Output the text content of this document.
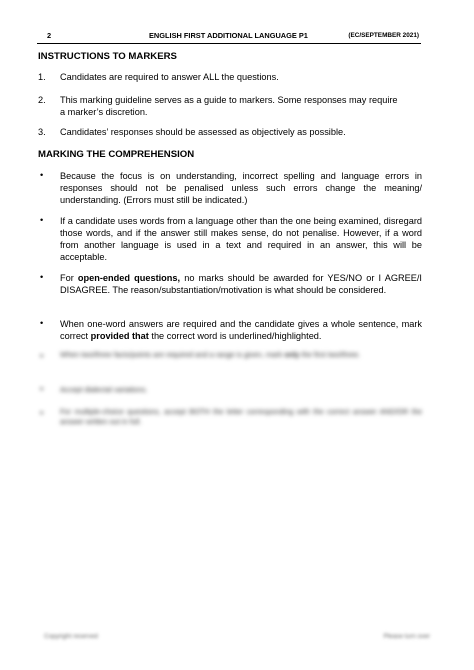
2	ENGLISH FIRST ADDITIONAL LANGUAGE P1	(EC/SEPTEMBER 2021)
INSTRUCTIONS TO MARKERS
1. Candidates are required to answer ALL the questions.
2. This marking guideline serves as a guide to markers. Some responses may require a marker’s discretion.
3. Candidates’ responses should be assessed as objectively as possible.
MARKING THE COMPREHENSION
• Because the focus is on understanding, incorrect spelling and language errors in responses should not be penalised unless such errors change the meaning/ understanding. (Errors must still be indicated.)
• If a candidate uses words from a language other than the one being examined, disregard those words, and if the answer still makes sense, do not penalise. However, if a word from another language is used in a text and required in an answer, this will be acceptable.
• For open-ended questions, no marks should be awarded for YES/NO or I AGREE/I DISAGREE. The reason/substantiation/motivation is what should be considered.
• When one-word answers are required and the candidate gives a whole sentence, mark correct provided that the correct word is underlined/highlighted.
• When two/three facts/points are required and a range is given, mark only the first two/three.
• Accept dialectal variations.
• For multiple-choice questions, accept BOTH the letter corresponding with the correct answer AND/OR the answer written out in full.
Copyright reserved	Please turn over
